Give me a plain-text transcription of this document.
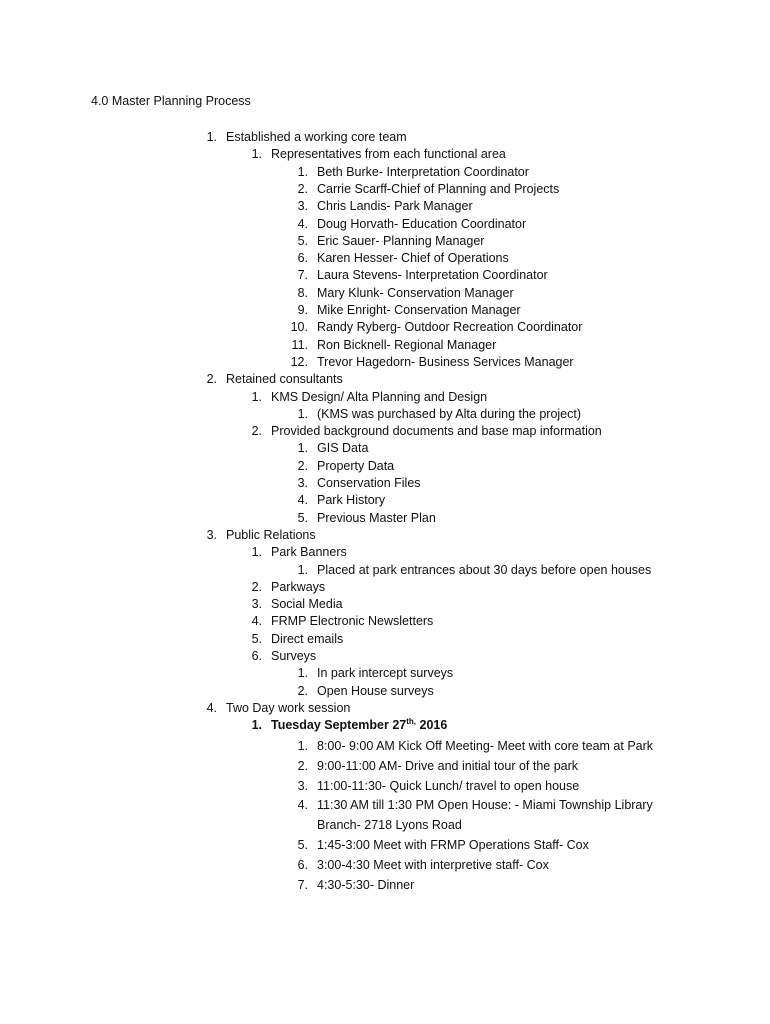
4.0 Master Planning Process
1. Established a working core team
1. Representatives from each functional area
1. Beth Burke- Interpretation Coordinator
2. Carrie Scarff-Chief of Planning and Projects
3. Chris Landis- Park Manager
4. Doug Horvath- Education Coordinator
5. Eric Sauer- Planning Manager
6. Karen Hesser- Chief of Operations
7. Laura Stevens- Interpretation Coordinator
8. Mary Klunk- Conservation Manager
9. Mike Enright- Conservation Manager
10. Randy Ryberg- Outdoor Recreation Coordinator
11. Ron Bicknell- Regional Manager
12. Trevor Hagedorn- Business Services Manager
2. Retained consultants
1. KMS Design/ Alta Planning and Design
1. (KMS was purchased by Alta during the project)
2. Provided background documents and base map information
1. GIS Data
2. Property Data
3. Conservation Files
4. Park History
5. Previous Master Plan
3. Public Relations
1. Park Banners
1. Placed at park entrances about 30 days before open houses
2. Parkways
3. Social Media
4. FRMP Electronic Newsletters
5. Direct emails
6. Surveys
1. In park intercept surveys
2. Open House surveys
4. Two Day work session
1. Tuesday September $27^{th,}$ 2016
1. 8:00- 9:00 AM Kick Off Meeting- Meet with core team at Park
2. 9:00-11:00 AM- Drive and initial tour of the park
3. 11:00-11:30- Quick Lunch/ travel to open house
4. 11:30 AM till 1:30 PM Open House: - Miami Township Library
Branch- 2718 Lyons Road
5. 1:45-3:00 Meet with FRMP Operations Staff- Cox
6. 3:00-4:30 Meet with interpretive staff- Cox
7. 4:30-5:30- Dinner
